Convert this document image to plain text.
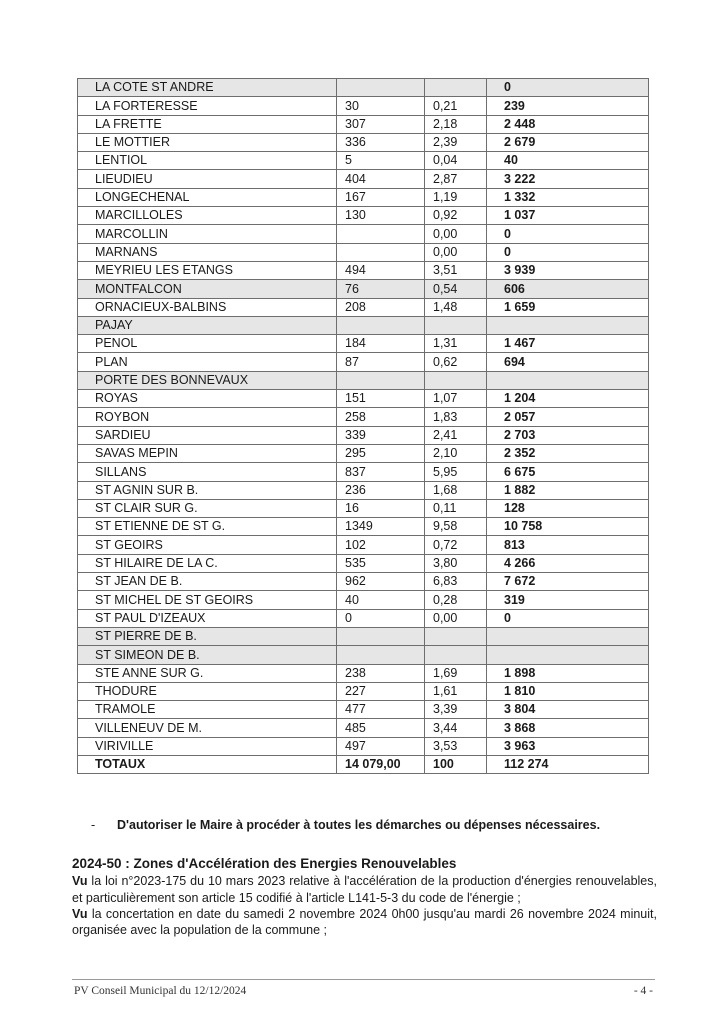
LA COTE ST ANDRE			0
LA FORTERESSE	30	0,21	239
LA FRETTE	307	2,18	2 448
LE MOTTIER	336	2,39	2 679
LENTIOL	5	0,04	40
LIEUDIEU	404	2,87	3 222
LONGECHENAL	167	1,19	1 332
MARCILLOLES	130	0,92	1 037
MARCOLLIN		0,00	0
MARNANS		0,00	0
MEYRIEU LES ETANGS	494	3,51	3 939
MONTFALCON	76	0,54	606
ORNACIEUX-BALBINS	208	1,48	1 659
PAJAY			
PENOL	184	1,31	1 467
PLAN	87	0,62	694
PORTE DES BONNEVAUX			
ROYAS	151	1,07	1 204
ROYBON	258	1,83	2 057
SARDIEU	339	2,41	2 703
SAVAS MEPIN	295	2,10	2 352
SILLANS	837	5,95	6 675
ST AGNIN SUR B.	236	1,68	1 882
ST CLAIR SUR G.	16	0,11	128
ST ETIENNE DE ST G.	1349	9,58	10 758
ST GEOIRS	102	0,72	813
ST HILAIRE DE LA C.	535	3,80	4 266
ST JEAN DE B.	962	6,83	7 672
ST MICHEL DE ST GEOIRS	40	0,28	319
ST PAUL D'IZEAUX	0	0,00	0
ST PIERRE DE B.			
ST SIMEON DE B.			
STE ANNE SUR G.	238	1,69	1 898
THODURE	227	1,61	1 810
TRAMOLE	477	3,39	3 804
VILLENEUV DE M.	485	3,44	3 868
VIRIVILLE	497	3,53	3 963
TOTAUX	14 079,00	100	112 274
- D'autoriser le Maire à procéder à toutes les démarches ou dépenses nécessaires.
2024-50 : Zones d'Accélération des Energies Renouvelables
Vu la loi n°2023-175 du 10 mars 2023 relative à l'accélération de la production d'énergies renouvelables, et particulièrement son article 15 codifié à l'article L141-5-3 du code de l'énergie ;
Vu la concertation en date du samedi 2 novembre 2024 0h00 jusqu'au mardi 26 novembre 2024 minuit, organisée avec la population de la commune ;
PV Conseil Municipal du 12/12/2024	- 4 -
